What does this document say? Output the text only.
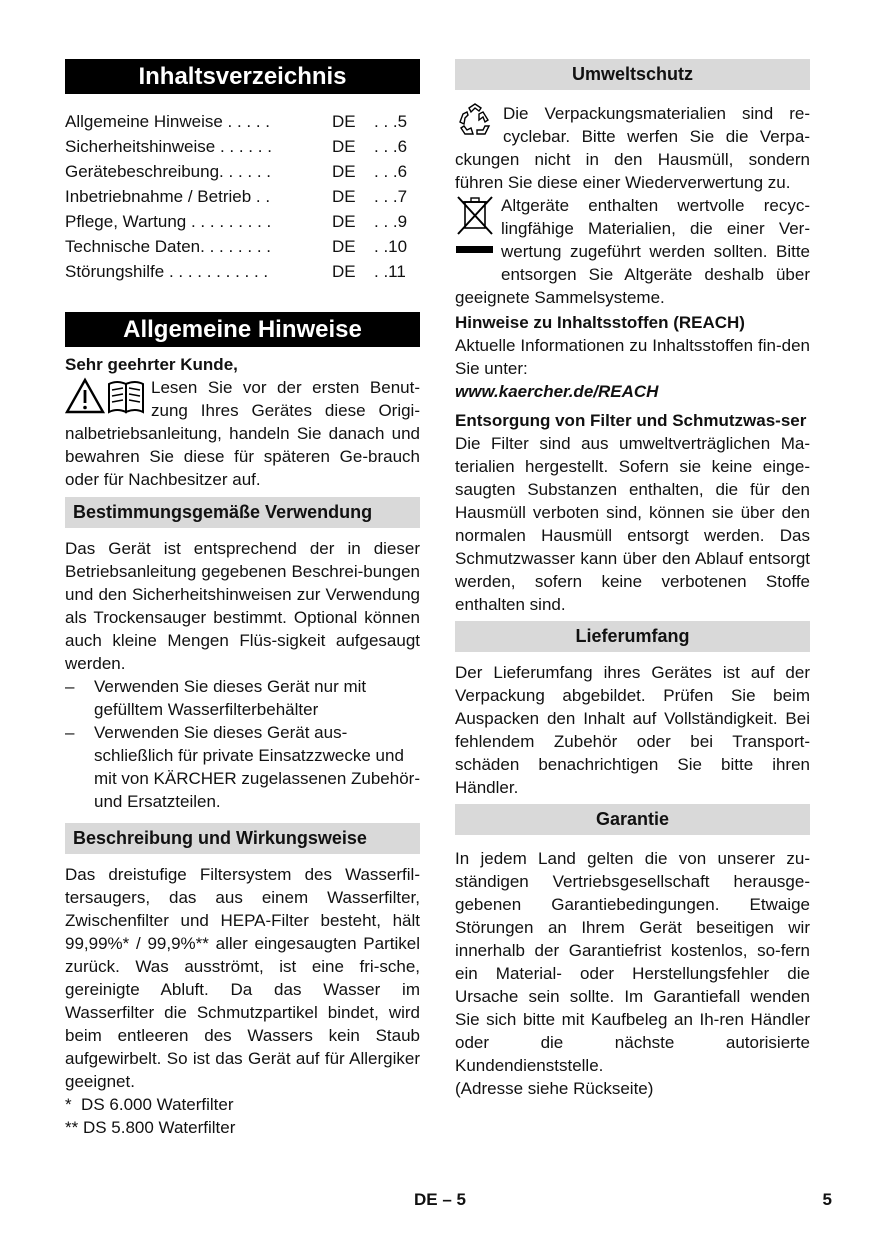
Inhaltsverzeichnis
Allgemeine Hinweise . . . . .	DE	. . .5
Sicherheitshinweise . . . . . .	DE	. . .6
Gerätebeschreibung. . . . . .	DE	. . .6
Inbetriebnahme / Betrieb . .	DE	. . .7
Pflege, Wartung . . . . . . . . .	DE	. . .9
Technische Daten. . . . . . . .	DE	. .10
Störungshilfe . . . . . . . . . . .	DE	. .11
Allgemeine Hinweise

Sehr geehrter Kunde,

Lesen Sie vor der ersten Benut-zung Ihres Gerätes diese Origi-nalbetriebsanleitung, handeln Sie danach und bewahren Sie diese für späteren Ge-brauch oder für Nachbesitzer auf.

Bestimmungsgemäße Verwendung

Das Gerät ist entsprechend der in dieser Betriebsanleitung gegebenen Beschrei-bungen und den Sicherheitshinweisen zur Verwendung als Trockensauger bestimmt. Optional können auch kleine Mengen Flüs-sigkeit aufgesaugt werden.

–	Verwenden Sie dieses Gerät nur mit gefülltem Wasserfilterbehälter
–	Verwenden Sie dieses Gerät aus-schließlich für private Einsatzzwecke und mit von KÄRCHER zugelassenen Zubehör- und Ersatzteilen.
Beschreibung und Wirkungsweise

Das dreistufige Filtersystem des Wasserfil-tersaugers, das aus einem Wasserfilter, Zwischenfilter und HEPA-Filter besteht, hält 99,99%* / 99,9%** aller eingesaugten Partikel zurück. Was ausströmt, ist eine fri-sche, gereinigte Abluft. Da das Wasser im Wasserfilter die Schmutzpartikel bindet, wird beim entleeren des Wassers kein Staub aufgewirbelt. So ist das Gerät auf für Allergiker geeignet.

*  DS 6.000 Waterfilter

** DS 5.800 Waterfilter

Umweltschutz

Die Verpackungsmaterialien sind re-cyclebar. Bitte werfen Sie die Verpa-ckungen nicht in den Hausmüll, sondern führen Sie diese einer Wiederverwertung zu.

Altgeräte enthalten wertvolle recyc-lingfähige Materialien, die einer Ver-wertung zugeführt werden sollten. Bitte entsorgen Sie Altgeräte deshalb über geeignete Sammelsysteme.

Hinweise zu Inhaltsstoffen (REACH)

Aktuelle Informationen zu Inhaltsstoffen fin-den Sie unter:

www.kaercher.de/REACH

Entsorgung von Filter und Schmutzwas-ser

Die Filter sind aus umweltverträglichen Ma-terialien hergestellt. Sofern sie keine einge-saugten Substanzen enthalten, die für den Hausmüll verboten sind, können sie über den normalen Hausmüll entsorgt werden. Das Schmutzwasser kann über den Ablauf entsorgt werden, sofern keine verbotenen Stoffe enthalten sind.

Lieferumfang

Der Lieferumfang ihres Gerätes ist auf der Verpackung abgebildet. Prüfen Sie beim Auspacken den Inhalt auf Vollständigkeit. Bei fehlendem Zubehör oder bei Transport-schäden benachrichtigen Sie bitte ihren Händler.

Garantie

In jedem Land gelten die von unserer zu-ständigen Vertriebsgesellschaft herausge-gebenen Garantiebedingungen. Etwaige Störungen an Ihrem Gerät beseitigen wir innerhalb der Garantiefrist kostenlos, so-fern ein Material- oder Herstellungsfehler die Ursache sein sollte. Im Garantiefall wenden Sie sich bitte mit Kaufbeleg an Ih-ren Händler oder die nächste autorisierte Kundendienststelle.

(Adresse siehe Rückseite)

DE – 5	5
